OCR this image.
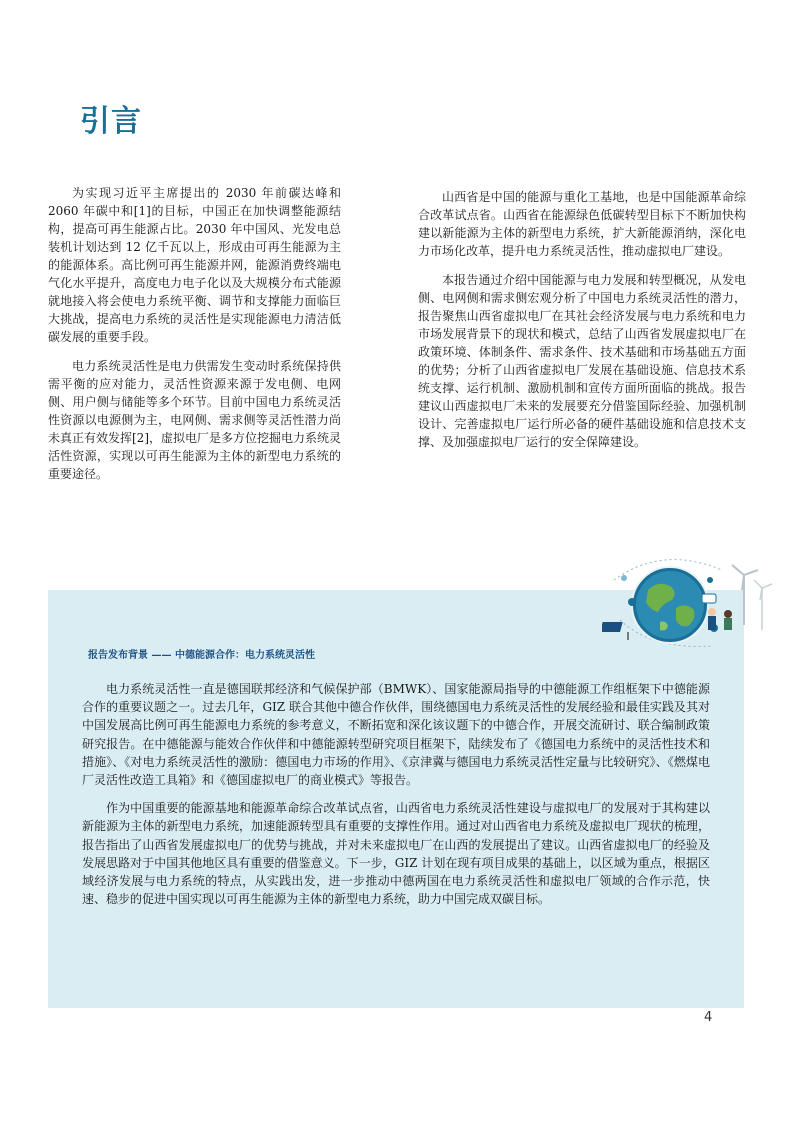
引言

为实现习近平主席提出的 2030 年前碳达峰和 2060 年碳中和[1]的目标，中国正在加快调整能源结构，提高可再生能源占比。2030 年中国风、光发电总装机计划达到 12 亿千瓦以上，形成由可再生能源为主的能源体系。高比例可再生能源并网，能源消费终端电气化水平提升，高度电力电子化以及大规模分布式能源就地接入将会使电力系统平衡、调节和支撑能力面临巨大挑战，提高电力系统的灵活性是实现能源电力清洁低碳发展的重要手段。

电力系统灵活性是电力供需发生变动时系统保持供需平衡的应对能力，灵活性资源来源于发电侧、电网侧、用户侧与储能等多个环节。目前中国电力系统灵活性资源以电源侧为主，电网侧、需求侧等灵活性潜力尚未真正有效发挥[2]，虚拟电厂是多方位挖掘电力系统灵活性资源，实现以可再生能源为主体的新型电力系统的重要途径。

山西省是中国的能源与重化工基地，也是中国能源革命综合改革试点省。山西省在能源绿色低碳转型目标下不断加快构建以新能源为主体的新型电力系统，扩大新能源消纳，深化电力市场化改革，提升电力系统灵活性，推动虚拟电厂建设。

本报告通过介绍中国能源与电力发展和转型概况，从发电侧、电网侧和需求侧宏观分析了中国电力系统灵活性的潜力，报告聚焦山西省虚拟电厂在其社会经济发展与电力系统和电力市场发展背景下的现状和模式，总结了山西省发展虚拟电厂在政策环境、体制条件、需求条件、技术基础和市场基础五方面的优势；分析了山西省虚拟电厂发展在基础设施、信息技术系统支撑、运行机制、激励机制和宣传方面所面临的挑战。报告建议山西虚拟电厂未来的发展要充分借鉴国际经验、加强机制设计、完善虚拟电厂运行所必备的硬件基础设施和信息技术支撑、及加强虚拟电厂运行的安全保障建设。

报告发布背景 —— 中德能源合作：电力系统灵活性

电力系统灵活性一直是德国联邦经济和气候保护部（BMWK）、国家能源局指导的中德能源工作组框架下中德能源合作的重要议题之一。过去几年，GIZ 联合其他中德合作伙伴，围绕德国电力系统灵活性的发展经验和最佳实践及其对中国发展高比例可再生能源电力系统的参考意义，不断拓宽和深化该议题下的中德合作，开展交流研讨、联合编制政策研究报告。在中德能源与能效合作伙伴和中德能源转型研究项目框架下，陆续发布了《德国电力系统中的灵活性技术和措施》、《对电力系统灵活性的激励：德国电力市场的作用》、《京津冀与德国电力系统灵活性定量与比较研究》、《燃煤电厂灵活性改造工具箱》和《德国虚拟电厂的商业模式》等报告。

作为中国重要的能源基地和能源革命综合改革试点省，山西省电力系统灵活性建设与虚拟电厂的发展对于其构建以新能源为主体的新型电力系统，加速能源转型具有重要的支撑性作用。通过对山西省电力系统及虚拟电厂现状的梳理，报告指出了山西省发展虚拟电厂的优势与挑战，并对未来虚拟电厂在山西的发展提出了建议。山西省虚拟电厂的经验及发展思路对于中国其他地区具有重要的借鉴意义。下一步，GIZ 计划在现有项目成果的基础上，以区域为重点，根据区域经济发展与电力系统的特点，从实践出发，进一步推动中德两国在电力系统灵活性和虚拟电厂领域的合作示范，快速、稳步的促进中国实现以可再生能源为主体的新型电力系统，助力中国完成双碳目标。

4
